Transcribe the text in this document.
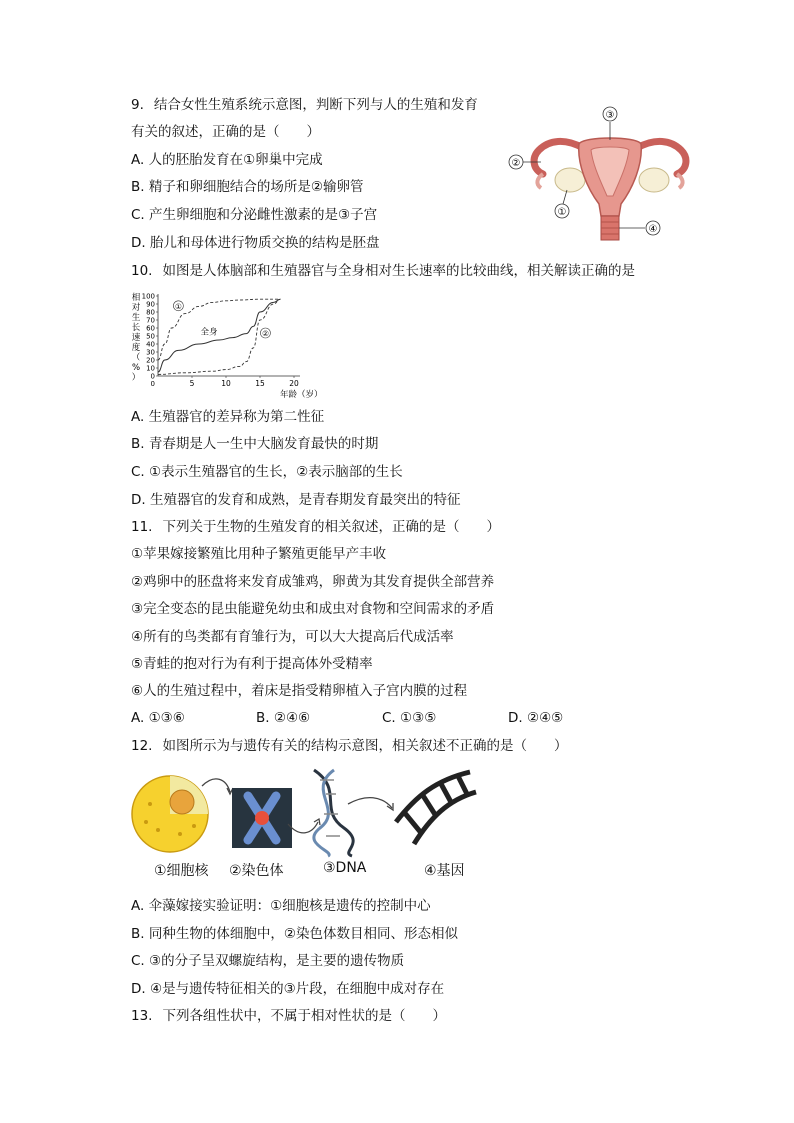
9. 结合女性生殖系统示意图，判断下列与人的生殖和发育
有关的叙述，正确的是（　　）
A. 人的胚胎发育在①卵巢中完成
B. 精子和卵细胞结合的场所是②输卵管
C. 产生卵细胞和分泌雌性激素的是③子宫
D. 胎儿和母体进行物质交换的结构是胚盘
③
②
①
④
10. 如图是人体脑部和生殖器官与全身相对生长速率的比较曲线，相关解读正确的是
100
90
80
70
60
50
40
30
20
10
0
5	10	15	20
0
相对生长速度（%）
年龄（岁）
①
全身	②
A. 生殖器官的差异称为第二性征
B. 青春期是人一生中大脑发育最快的时期
C. ①表示生殖器官的生长，②表示脑部的生长
D. 生殖器官的发育和成熟，是青春期发育最突出的特征
11. 下列关于生物的生殖发育的相关叙述，正确的是（　　）
①苹果嫁接繁殖比用种子繁殖更能早产丰收
②鸡卵中的胚盘将来发育成雏鸡，卵黄为其发育提供全部营养
③完全变态的昆虫能避免幼虫和成虫对食物和空间需求的矛盾
④所有的鸟类都有育雏行为，可以大大提高后代成活率
⑤青蛙的抱对行为有利于提高体外受精率
⑥人的生殖过程中，着床是指受精卵植入子宫内膜的过程
A. ①③⑥	B. ②④⑥	C. ①③⑤	D. ②④⑤
12. 如图所示为与遗传有关的结构示意图，相关叙述不正确的是（　　）
①细胞核 ②染色体	③DNA	④基因
A. 伞藻嫁接实验证明：①细胞核是遗传的控制中心
B. 同种生物的体细胞中，②染色体数目相同、形态相似
C. ③的分子呈双螺旋结构，是主要的遗传物质
D. ④是与遗传特征相关的③片段，在细胞中成对存在
13. 下列各组性状中，不属于相对性状的是（　　）
